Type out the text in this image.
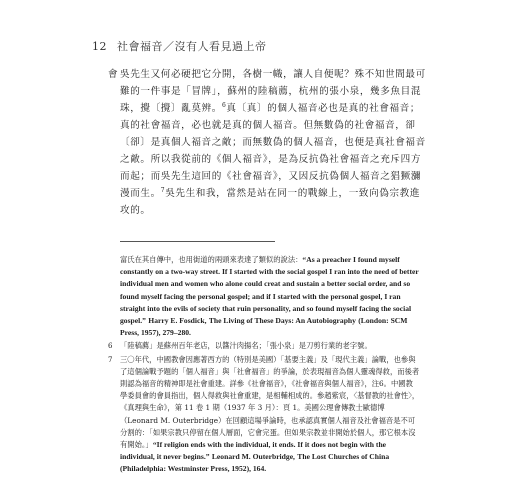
12 社會福音／沒有人看見過上帝
會 吳先生又何必硬把它分開，各樹一幟，讓人自便呢？殊不知世間最可難的一件事是「冒牌」，蘇州的陸稿薦，杭州的張小泉，幾多魚目混珠，攪〔攪〕亂莫辨。$^6$真〔真〕的個人福音必也是真的社會福音；真的社會福音，必也就是真的個人福音。但無數偽的社會福音，卻〔卻〕是真個人福音之敵；而無數偽的個人福音，也便是真社會福音之敵。所以我從前的《個人福音》，是為反抗偽社會福音之充斥四方而起；而吳先生這回的《社會福音》，又因反抗偽個人福音之猖獗瀰漫而生。$^7$吳先生和我，當然是站在同一的戰線上，一致向偽宗教進攻的。
富氏在其自傳中，也用街道的兩頭來表達了類似的說法：“As a preacher I found myself constantly on a two-way street. If I started with the social gospel I ran into the need of better individual men and women who alone could creat and sustain a better social order, and so found myself facing the personal gospel; and if I started with the personal gospel, I ran straight into the evils of society that ruin personality, and so found myself facing the social gospel.” Harry E. Fosdick, The Living of These Days: An Autobiography (London: SCM Press, 1957), 279–280.
6 「陸稿薦」是蘇州百年老店，以醬汁肉揚名；「張小泉」是刀剪行業的老字號。
7 三〇年代，中國教會因應著西方的（特別是美國）「基要主義」及「現代主義」論戰，也參與了這個論戰予題的「個人福音」與「社會福音」的爭論，於表現福音為個人靈魂得救，而後者則認為福音的精神即是社會重建。詳參《社會福音》，《社會福音與個人福音》，注6。中國教學委員會的會員指出，個人得救與社會重建，是相輔相成的。參趙紫宸，〈基督教的社會性〉，《真理與生命》，第 11 卷 1 期（1937 年 3 月）：頁 1。美國公理會傳教士歐德博（Leonard M. Outerbridge）在回顧這場爭論時，也承認真實個人福音及社會福音是不可分割的：「如果宗教只停留在個人層面，它會完蛋。但如果宗教並非開始於個人，那它根本沒有開始。」“If religion ends with the individual, it ends. If it does not begin with the individual, it never begins.” Leonard M. Outerbridge, The Lost Churches of China (Philadelphia: Westminster Press, 1952), 164.
